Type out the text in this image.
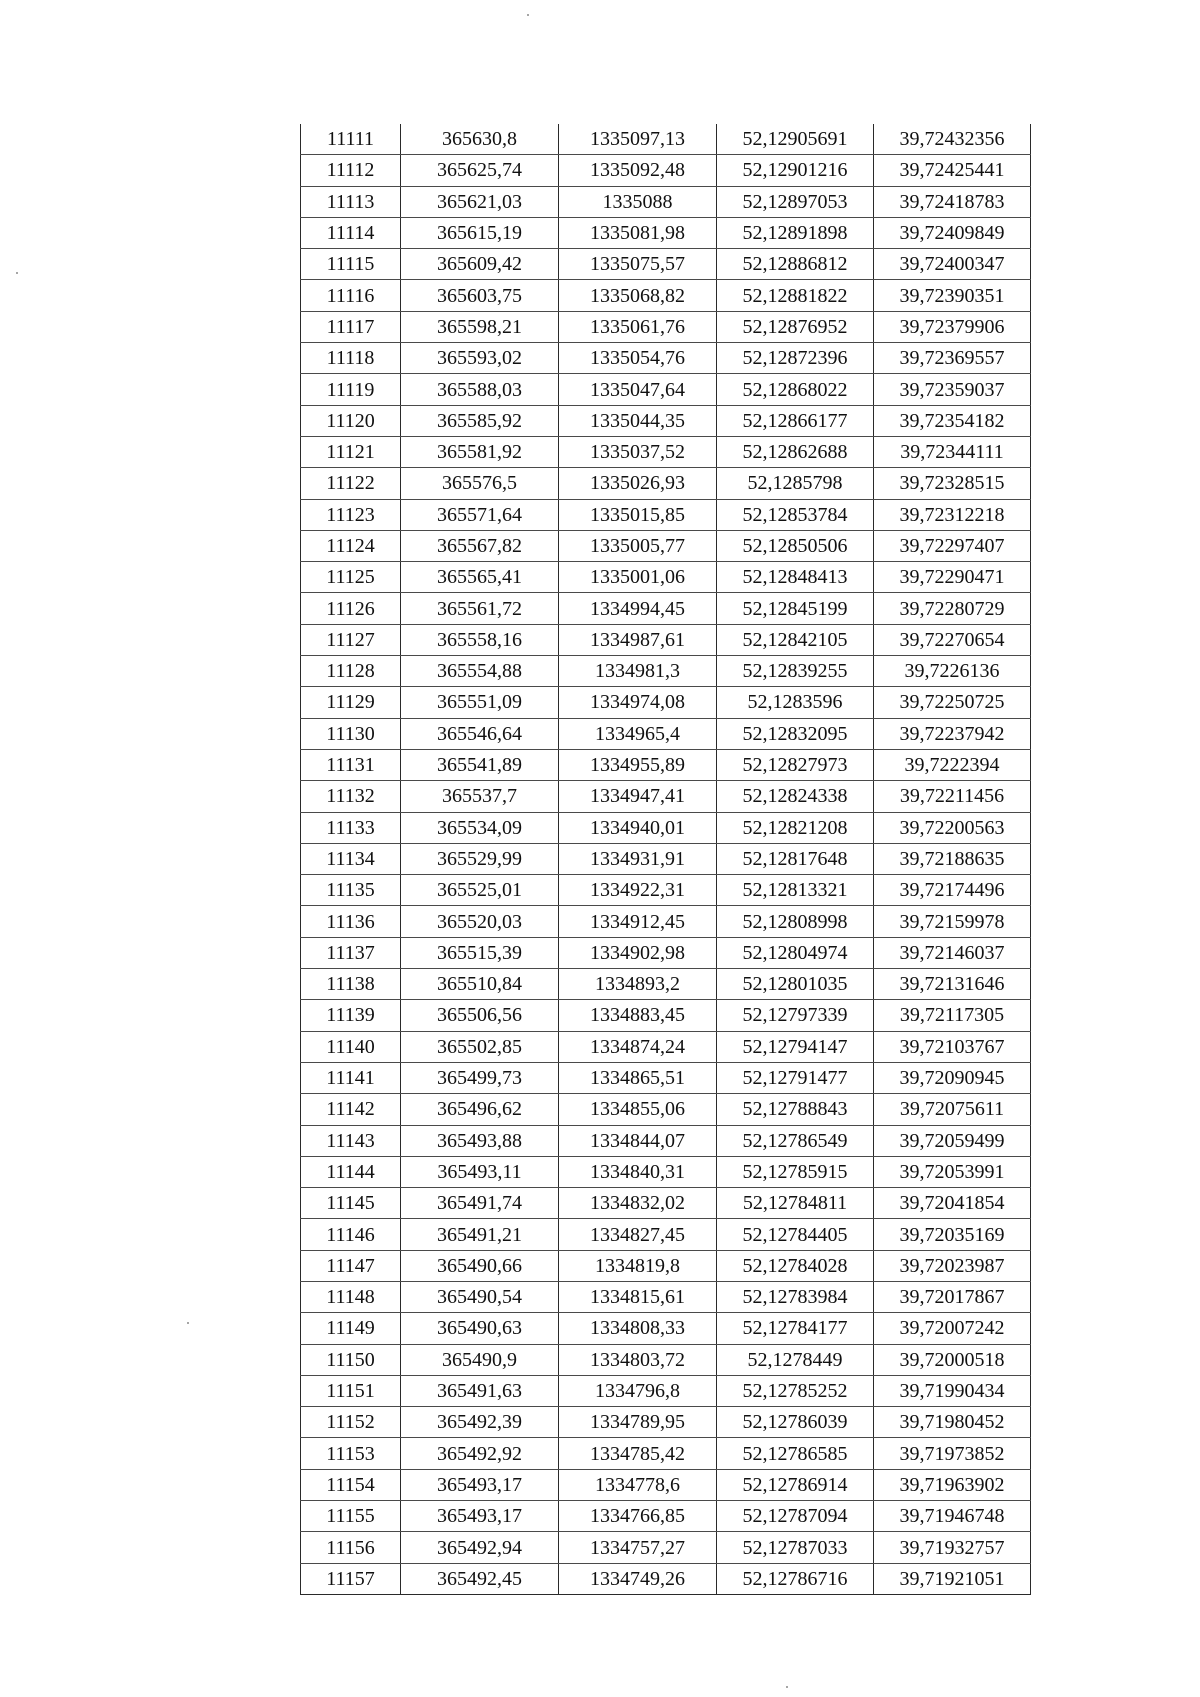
11111	365630,8	1335097,13	52,12905691	39,72432356
11112	365625,74	1335092,48	52,12901216	39,72425441
11113	365621,03	1335088	52,12897053	39,72418783
11114	365615,19	1335081,98	52,12891898	39,72409849
11115	365609,42	1335075,57	52,12886812	39,72400347
11116	365603,75	1335068,82	52,12881822	39,72390351
11117	365598,21	1335061,76	52,12876952	39,72379906
11118	365593,02	1335054,76	52,12872396	39,72369557
11119	365588,03	1335047,64	52,12868022	39,72359037
11120	365585,92	1335044,35	52,12866177	39,72354182
11121	365581,92	1335037,52	52,12862688	39,72344111
11122	365576,5	1335026,93	52,1285798	39,72328515
11123	365571,64	1335015,85	52,12853784	39,72312218
11124	365567,82	1335005,77	52,12850506	39,72297407
11125	365565,41	1335001,06	52,12848413	39,72290471
11126	365561,72	1334994,45	52,12845199	39,72280729
11127	365558,16	1334987,61	52,12842105	39,72270654
11128	365554,88	1334981,3	52,12839255	39,7226136
11129	365551,09	1334974,08	52,1283596	39,72250725
11130	365546,64	1334965,4	52,12832095	39,72237942
11131	365541,89	1334955,89	52,12827973	39,7222394
11132	365537,7	1334947,41	52,12824338	39,72211456
11133	365534,09	1334940,01	52,12821208	39,72200563
11134	365529,99	1334931,91	52,12817648	39,72188635
11135	365525,01	1334922,31	52,12813321	39,72174496
11136	365520,03	1334912,45	52,12808998	39,72159978
11137	365515,39	1334902,98	52,12804974	39,72146037
11138	365510,84	1334893,2	52,12801035	39,72131646
11139	365506,56	1334883,45	52,12797339	39,72117305
11140	365502,85	1334874,24	52,12794147	39,72103767
11141	365499,73	1334865,51	52,12791477	39,72090945
11142	365496,62	1334855,06	52,12788843	39,72075611
11143	365493,88	1334844,07	52,12786549	39,72059499
11144	365493,11	1334840,31	52,12785915	39,72053991
11145	365491,74	1334832,02	52,12784811	39,72041854
11146	365491,21	1334827,45	52,12784405	39,72035169
11147	365490,66	1334819,8	52,12784028	39,72023987
11148	365490,54	1334815,61	52,12783984	39,72017867
11149	365490,63	1334808,33	52,12784177	39,72007242
11150	365490,9	1334803,72	52,1278449	39,72000518
11151	365491,63	1334796,8	52,12785252	39,71990434
11152	365492,39	1334789,95	52,12786039	39,71980452
11153	365492,92	1334785,42	52,12786585	39,71973852
11154	365493,17	1334778,6	52,12786914	39,71963902
11155	365493,17	1334766,85	52,12787094	39,71946748
11156	365492,94	1334757,27	52,12787033	39,71932757
11157	365492,45	1334749,26	52,12786716	39,71921051
